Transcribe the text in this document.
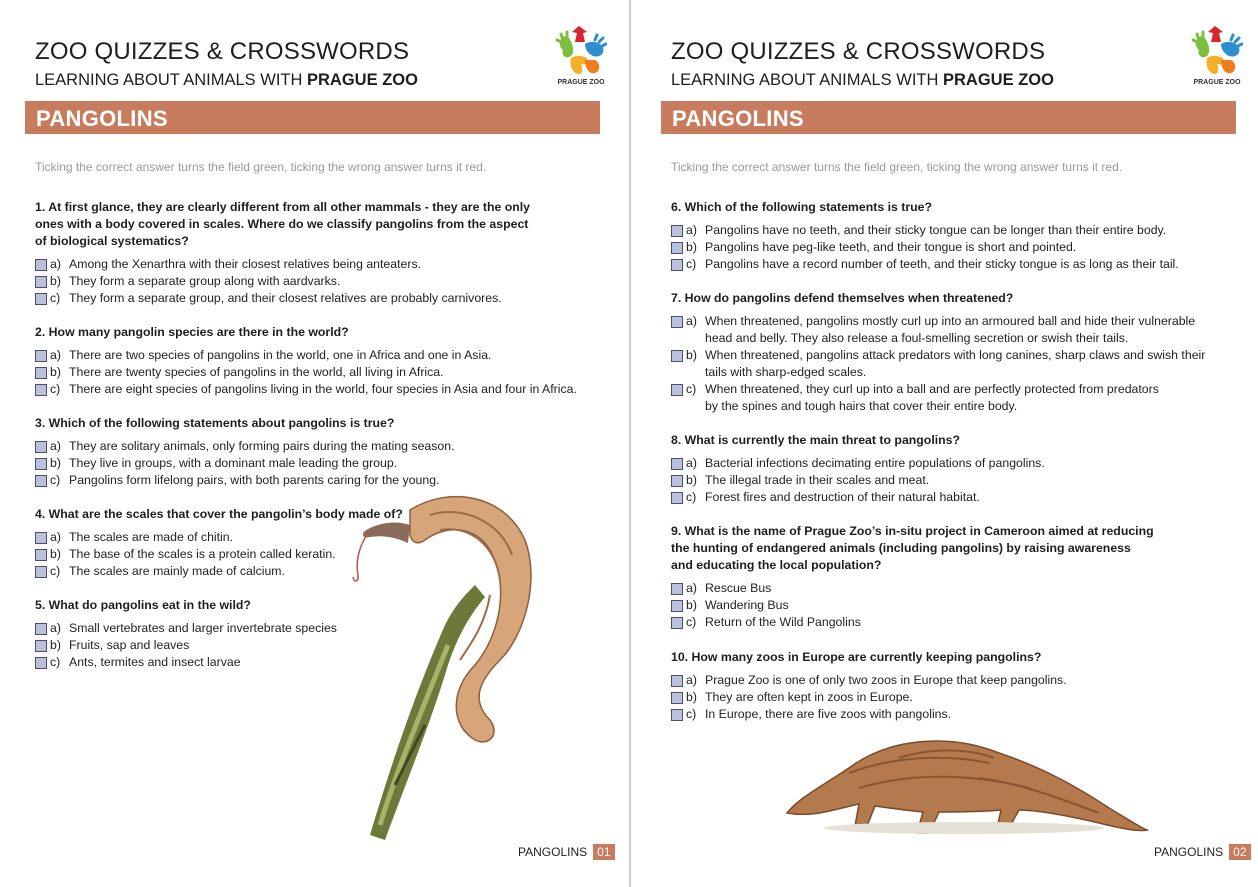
ZOO QUIZZES & CROSSWORDS
LEARNING ABOUT ANIMALS WITH PRAGUE ZOO	PRAGUE ZOO
PANGOLINS
Ticking the correct answer turns the field green, ticking the wrong answer turns it red.
1. At first glance, they are clearly different from all other mammals - they are the only
ones with a body covered in scales. Where do we classify pangolins from the aspect
of biological systematics?
a) Among the Xenarthra with their closest relatives being anteaters.
b) They form a separate group along with aardvarks.
c) They form a separate group, and their closest relatives are probably carnivores.
2. How many pangolin species are there in the world?
a) There are two species of pangolins in the world, one in Africa and one in Asia.
b) There are twenty species of pangolins in the world, all living in Africa.
c) There are eight species of pangolins living in the world, four species in Asia and four in Africa.
3. Which of the following statements about pangolins is true?
a) They are solitary animals, only forming pairs during the mating season.
b) They live in groups, with a dominant male leading the group.
c) Pangolins form lifelong pairs, with both parents caring for the young.
4. What are the scales that cover the pangolin’s body made of?
a) The scales are made of chitin.
b) The base of the scales is a protein called keratin.
c) The scales are mainly made of calcium.
5. What do pangolins eat in the wild?
a) Small vertebrates and larger invertebrate species
b) Fruits, sap and leaves
c) Ants, termites and insect larvae
PANGOLINS 01
ZOO QUIZZES & CROSSWORDS
LEARNING ABOUT ANIMALS WITH PRAGUE ZOO	PRAGUE ZOO
PANGOLINS
Ticking the correct answer turns the field green, ticking the wrong answer turns it red.
6. Which of the following statements is true?
a) Pangolins have no teeth, and their sticky tongue can be longer than their entire body.
b) Pangolins have peg-like teeth, and their tongue is short and pointed.
c) Pangolins have a record number of teeth, and their sticky tongue is as long as their tail.
7. How do pangolins defend themselves when threatened?
a) When threatened, pangolins mostly curl up into an armoured ball and hide their vulnerable
head and belly. They also release a foul-smelling secretion or swish their tails.
b) When threatened, pangolins attack predators with long canines, sharp claws and swish their
tails with sharp-edged scales.
c) When threatened, they curl up into a ball and are perfectly protected from predators
by the spines and tough hairs that cover their entire body.
8. What is currently the main threat to pangolins?
a) Bacterial infections decimating entire populations of pangolins.
b) The illegal trade in their scales and meat.
c) Forest fires and destruction of their natural habitat.
9. What is the name of Prague Zoo’s in-situ project in Cameroon aimed at reducing
the hunting of endangered animals (including pangolins) by raising awareness
and educating the local population?
a) Rescue Bus
b) Wandering Bus
c) Return of the Wild Pangolins
10. How many zoos in Europe are currently keeping pangolins?
a) Prague Zoo is one of only two zoos in Europe that keep pangolins.
b) They are often kept in zoos in Europe.
c) In Europe, there are five zoos with pangolins.
PANGOLINS 02
